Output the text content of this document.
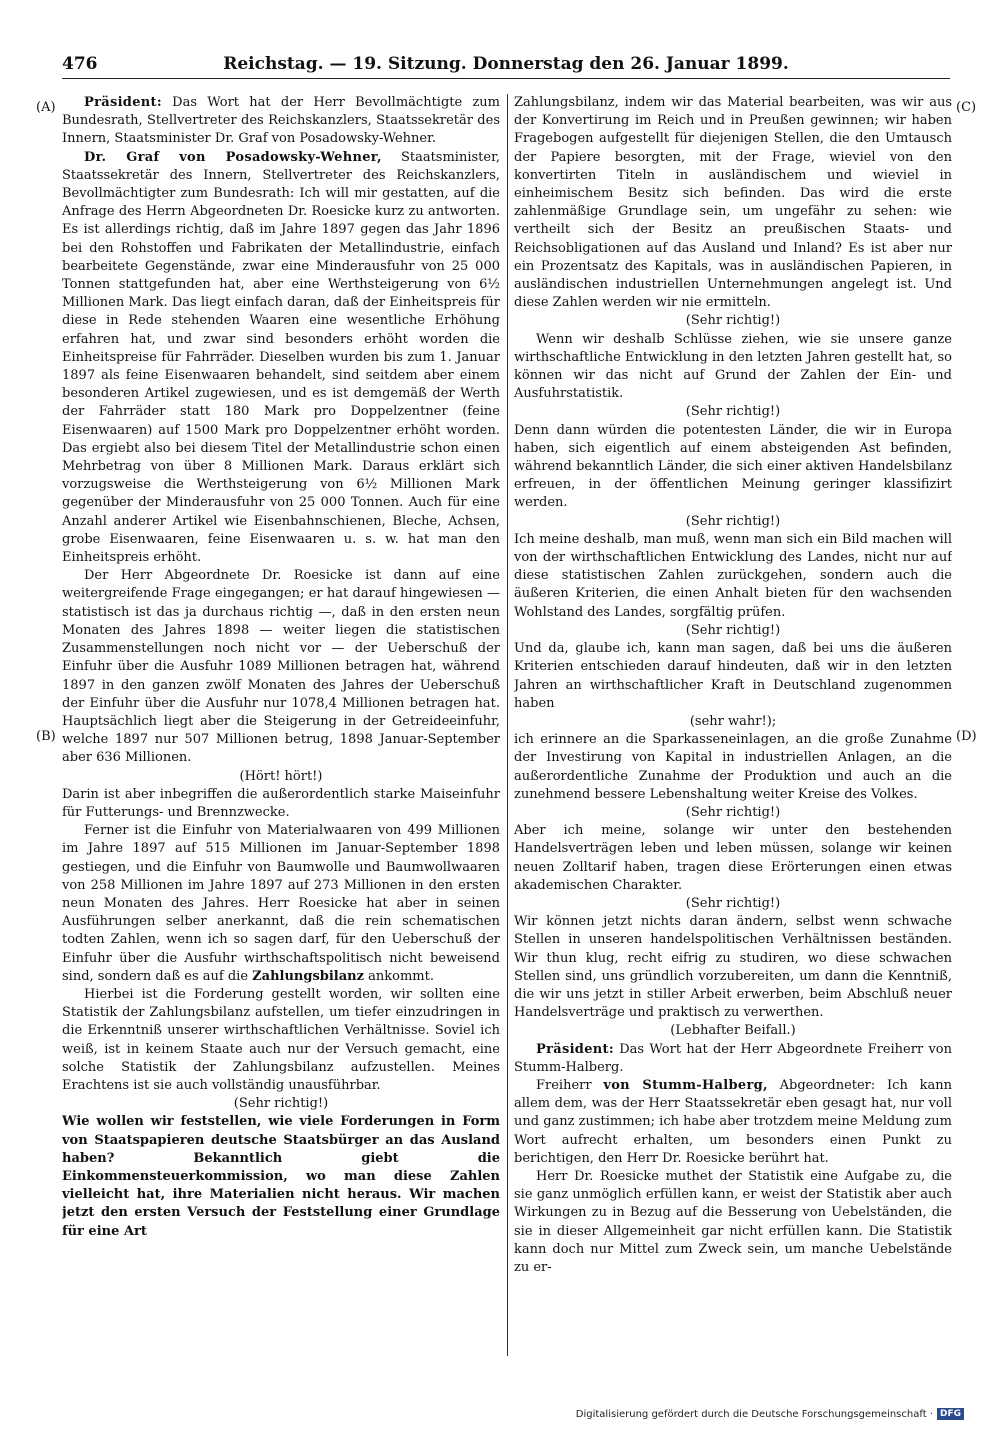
476	Reichstag. — 19. Sitzung. Donnerstag den 26. Januar 1899.
(A)
(B)
(C)
(D)

Präsident: Das Wort hat der Herr Bevollmächtigte zum Bundesrath, Stellvertreter des Reichskanzlers, Staatssekretär des Innern, Staatsminister Dr. Graf von Posadowsky-Wehner.

Dr. Graf von Posadowsky-Wehner, Staatsminister, Staatssekretär des Innern, Stellvertreter des Reichskanzlers, Bevollmächtigter zum Bundesrath: Ich will mir gestatten, auf die Anfrage des Herrn Abgeordneten Dr. Roesicke kurz zu antworten. Es ist allerdings richtig, daß im Jahre 1897 gegen das Jahr 1896 bei den Rohstoffen und Fabrikaten der Metallindustrie, einfach bearbeitete Gegenstände, zwar eine Minderausfuhr von 25 000 Tonnen stattgefunden hat, aber eine Werthsteigerung von 6½ Millionen Mark. Das liegt einfach daran, daß der Einheitspreis für diese in Rede stehenden Waaren eine wesentliche Erhöhung erfahren hat, und zwar sind besonders erhöht worden die Einheitspreise für Fahrräder. Dieselben wurden bis zum 1. Januar 1897 als feine Eisenwaaren behandelt, sind seitdem aber einem besonderen Artikel zugewiesen, und es ist demgemäß der Werth der Fahrräder statt 180 Mark pro Doppelzentner (feine Eisenwaaren) auf 1500 Mark pro Doppelzentner erhöht worden. Das ergiebt also bei diesem Titel der Metallindustrie schon einen Mehrbetrag von über 8 Millionen Mark. Daraus erklärt sich vorzugsweise die Werthsteigerung von 6½ Millionen Mark gegenüber der Minderausfuhr von 25 000 Tonnen. Auch für eine Anzahl anderer Artikel wie Eisenbahnschienen, Bleche, Achsen, grobe Eisenwaaren, feine Eisenwaaren u. s. w. hat man den Einheitspreis erhöht.

Der Herr Abgeordnete Dr. Roesicke ist dann auf eine weitergreifende Frage eingegangen; er hat darauf hingewiesen — statistisch ist das ja durchaus richtig —, daß in den ersten neun Monaten des Jahres 1898 — weiter liegen die statistischen Zusammenstellungen noch nicht vor — der Ueberschuß der Einfuhr über die Ausfuhr 1089 Millionen betragen hat, während 1897 in den ganzen zwölf Monaten des Jahres der Ueberschuß der Einfuhr über die Ausfuhr nur 1078,4 Millionen betragen hat. Hauptsächlich liegt aber die Steigerung in der Getreideeinfuhr, welche 1897 nur 507 Millionen betrug, 1898 Januar-September aber 636 Millionen.

(Hört! hört!)

Darin ist aber inbegriffen die außerordentlich starke Maiseinfuhr für Futterungs- und Brennzwecke.

Ferner ist die Einfuhr von Materialwaaren von 499 Millionen im Jahre 1897 auf 515 Millionen im Januar-September 1898 gestiegen, und die Einfuhr von Baumwolle und Baumwollwaaren von 258 Millionen im Jahre 1897 auf 273 Millionen in den ersten neun Monaten des Jahres. Herr Roesicke hat aber in seinen Ausführungen selber anerkannt, daß die rein schematischen todten Zahlen, wenn ich so sagen darf, für den Ueberschuß der Einfuhr über die Ausfuhr wirthschaftspolitisch nicht beweisend sind, sondern daß es auf die Zahlungsbilanz ankommt.

Hierbei ist die Forderung gestellt worden, wir sollten eine Statistik der Zahlungsbilanz aufstellen, um tiefer einzudringen in die Erkenntniß unserer wirthschaftlichen Verhältnisse. Soviel ich weiß, ist in keinem Staate auch nur der Versuch gemacht, eine solche Statistik der Zahlungsbilanz aufzustellen. Meines Erachtens ist sie auch vollständig unausführbar.

(Sehr richtig!)

Wie wollen wir feststellen, wie viele Forderungen in Form von Staatspapieren deutsche Staatsbürger an das Ausland haben? Bekanntlich giebt die Einkommensteuerkommission, wo man diese Zahlen vielleicht hat, ihre Materialien nicht heraus. Wir machen jetzt den ersten Versuch der Feststellung einer Grundlage für eine Art

Zahlungsbilanz, indem wir das Material bearbeiten, was wir aus der Konvertirung im Reich und in Preußen gewinnen; wir haben Fragebogen aufgestellt für diejenigen Stellen, die den Umtausch der Papiere besorgten, mit der Frage, wieviel von den konvertirten Titeln in ausländischem und wieviel in einheimischem Besitz sich befinden. Das wird die erste zahlenmäßige Grundlage sein, um ungefähr zu sehen: wie vertheilt sich der Besitz an preußischen Staats- und Reichsobligationen auf das Ausland und Inland? Es ist aber nur ein Prozentsatz des Kapitals, was in ausländischen Papieren, in ausländischen industriellen Unternehmungen angelegt ist. Und diese Zahlen werden wir nie ermitteln.

(Sehr richtig!)

Wenn wir deshalb Schlüsse ziehen, wie sie unsere ganze wirthschaftliche Entwicklung in den letzten Jahren gestellt hat, so können wir das nicht auf Grund der Zahlen der Ein- und Ausfuhrstatistik.

(Sehr richtig!)

Denn dann würden die potentesten Länder, die wir in Europa haben, sich eigentlich auf einem absteigenden Ast befinden, während bekanntlich Länder, die sich einer aktiven Handelsbilanz erfreuen, in der öffentlichen Meinung geringer klassifizirt werden.

(Sehr richtig!)

Ich meine deshalb, man muß, wenn man sich ein Bild machen will von der wirthschaftlichen Entwicklung des Landes, nicht nur auf diese statistischen Zahlen zurückgehen, sondern auch die äußeren Kriterien, die einen Anhalt bieten für den wachsenden Wohlstand des Landes, sorgfältig prüfen.

(Sehr richtig!)

Und da, glaube ich, kann man sagen, daß bei uns die äußeren Kriterien entschieden darauf hindeuten, daß wir in den letzten Jahren an wirthschaftlicher Kraft in Deutschland zugenommen haben

(sehr wahr!);

ich erinnere an die Sparkasseneinlagen, an die große Zunahme der Investirung von Kapital in industriellen Anlagen, an die außerordentliche Zunahme der Produktion und auch an die zunehmend bessere Lebenshaltung weiter Kreise des Volkes.

(Sehr richtig!)

Aber ich meine, solange wir unter den bestehenden Handelsverträgen leben und leben müssen, solange wir keinen neuen Zolltarif haben, tragen diese Erörterungen einen etwas akademischen Charakter.

(Sehr richtig!)

Wir können jetzt nichts daran ändern, selbst wenn schwache Stellen in unseren handelspolitischen Verhältnissen beständen. Wir thun klug, recht eifrig zu studiren, wo diese schwachen Stellen sind, uns gründlich vorzubereiten, um dann die Kenntniß, die wir uns jetzt in stiller Arbeit erwerben, beim Abschluß neuer Handelsverträge und praktisch zu verwerthen.

(Lebhafter Beifall.)

Präsident: Das Wort hat der Herr Abgeordnete Freiherr von Stumm-Halberg.

Freiherr von Stumm-Halberg, Abgeordneter: Ich kann allem dem, was der Herr Staatssekretär eben gesagt hat, nur voll und ganz zustimmen; ich habe aber trotzdem meine Meldung zum Wort aufrecht erhalten, um besonders einen Punkt zu berichtigen, den Herr Dr. Roesicke berührt hat.

Herr Dr. Roesicke muthet der Statistik eine Aufgabe zu, die sie ganz unmöglich erfüllen kann, er weist der Statistik aber auch Wirkungen zu in Bezug auf die Besserung von Uebelständen, die sie in dieser Allgemeinheit gar nicht erfüllen kann. Die Statistik kann doch nur Mittel zum Zweck sein, um manche Uebelstände zu er-

Digitalisierung gefördert durch die Deutsche Forschungsgemeinschaft · DFG
